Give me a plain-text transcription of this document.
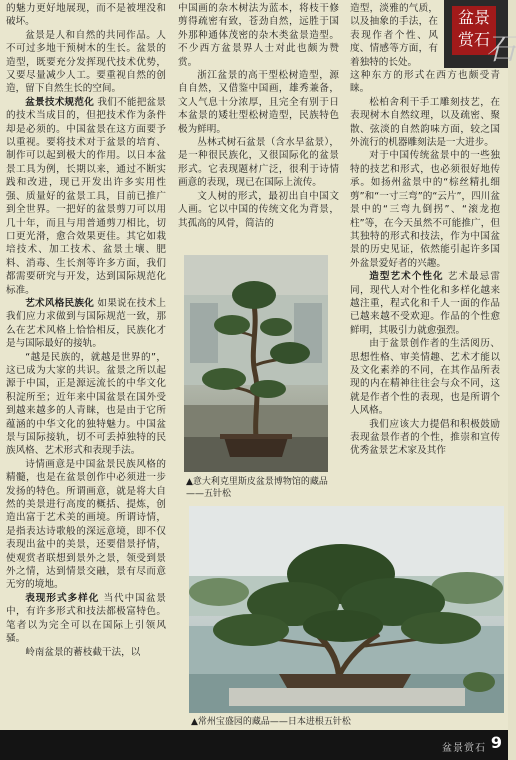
的魅力更好地展现，而不是被埋没和破坏。

盆景是人和自然的共同作品。人不可过多地干预树木的生长。盆景的造型，既要充分发挥现代技术优势，又要尽量减少人工。要重视自然的创造，留下自然生长的空间。

盆景技术规范化 我们不能把盆景的技术当成目的，但把技术作为条件却是必须的。中国盆景在这方面要予以重视。要将技术对于盆景的培育、制作可以起到极大的作用。以日本盆景工具为例，长期以来，通过不断实践和改进，现已开发出许多实用性强、质量好的盆景工具，目前已推广到全世界。一把好的盆景剪刀可以用几十年，而且与用普通剪刀相比，切口更光滑，愈合效果更佳。其它如栽培技术、加工技术、盆景土壤、肥料、消毒、生长剂等许多方面，我们都需要研究与开发，达到国际规范化标准。

艺术风格民族化 如果说在技术上我们应力求做到与国际规范一致，那么在艺术风格上恰恰相反，民族化才是与国际最好的接轨。

“越是民族的，就越是世界的”，这已成为大家的共识。盆景之所以起源于中国，正是源远流长的中华文化积淀所至；近年来中国盆景在国外受到越来越多的人青睐，也是由于它所蕴涵的中华文化的独特魅力。中国盆景与国际接轨，切不可丢掉独特的民族风格、艺术形式和表现手法。

诗情画意是中国盆景民族风格的精髓，也是在盆景创作中必须进一步发扬的特色。所谓画意，就是将大自然的美景进行高度的概括、提炼，创造出富于艺术美的画境。所谓诗情，是指表达诗歌般的深远意境，即不仅表现出盆中的美景，还要借景抒情，使观赏者联想到景外之景，领受到景外之情，达到情景交融，景有尽而意无穷的境地。

表现形式多样化 当代中国盆景中，有许多形式和技法都极富特色。笔者以为完全可以在国际上引领风骚。

岭南盆景的蓄枝截干法，以

中国画的杂木树法为蓝本，将枝干修剪得疏密有致，苍劲自然，远胜于国外那种通体茂密的杂木类盆景造型。不少西方盆景界人士对此也颇为赞赏。

浙江盆景的高干型松树造型，源自自然，又借鉴中国画，雄秀兼备，文人气息十分浓厚，且完全有别于日本盆景的矮壮型松树造型，民族特色极为鲜明。

丛林式树石盆景（含水旱盆景），是一种很民族化，又很国际化的盆景形式。它表现题材广泛，很利于诗情画意的表现，现已在国际上流传。

文人树的形式，最初出自中国文人画。它以中国的传统文化为背景，其孤高的风骨，简洁的

造型，淡雅的气质，以及抽象的手法，在表现作者个性、风度、情感等方面，有着独特的长处。

这种东方的形式在西方也颇受青睐。

松柏舍利干手工雕刻技艺，在表现树木自然纹理，以及疏密、聚散、弦淡的自然韵味方面，较之国外流行的机器雕刻法是一大进步。

对于中国传统盆景中的一些独特的技艺和形式，也必须很好地传承。如扬州盆景中的“棕丝精扎细剪”和“一寸三弯”的“云片”，四川盆景中的“三弯九倒拐”、“滚龙抱柱”等，在今天虽然不可能推广，但其独特的形式和技法，作为中国盆景的历史见证，依然能引起许多国外盆景爱好者的兴趣。

造型艺术个性化 艺术最忌雷同，现代人对个性化和多样化越来越注重，程式化和千人一面的作品已越来越不受欢迎。作品的个性愈鲜明，其吸引力就愈强烈。

由于盆景创作者的生活阅历、思想性格、审美情趣、艺术才能以及文化素养的不同，在其作品所表现的内在精神往往会与众不同，这就是作者个性的表现，也是所谓个人风格。

我们应该大力提倡和积极鼓励表现盆景作者的个性，推崇和宣传优秀盆景艺术家及其作

盆景
赏石
石
▲意大利克里斯皮盆景博物馆的藏品——五针松
▲常州宝盛园的藏品——日本进根五针松
盆景赏石 9
